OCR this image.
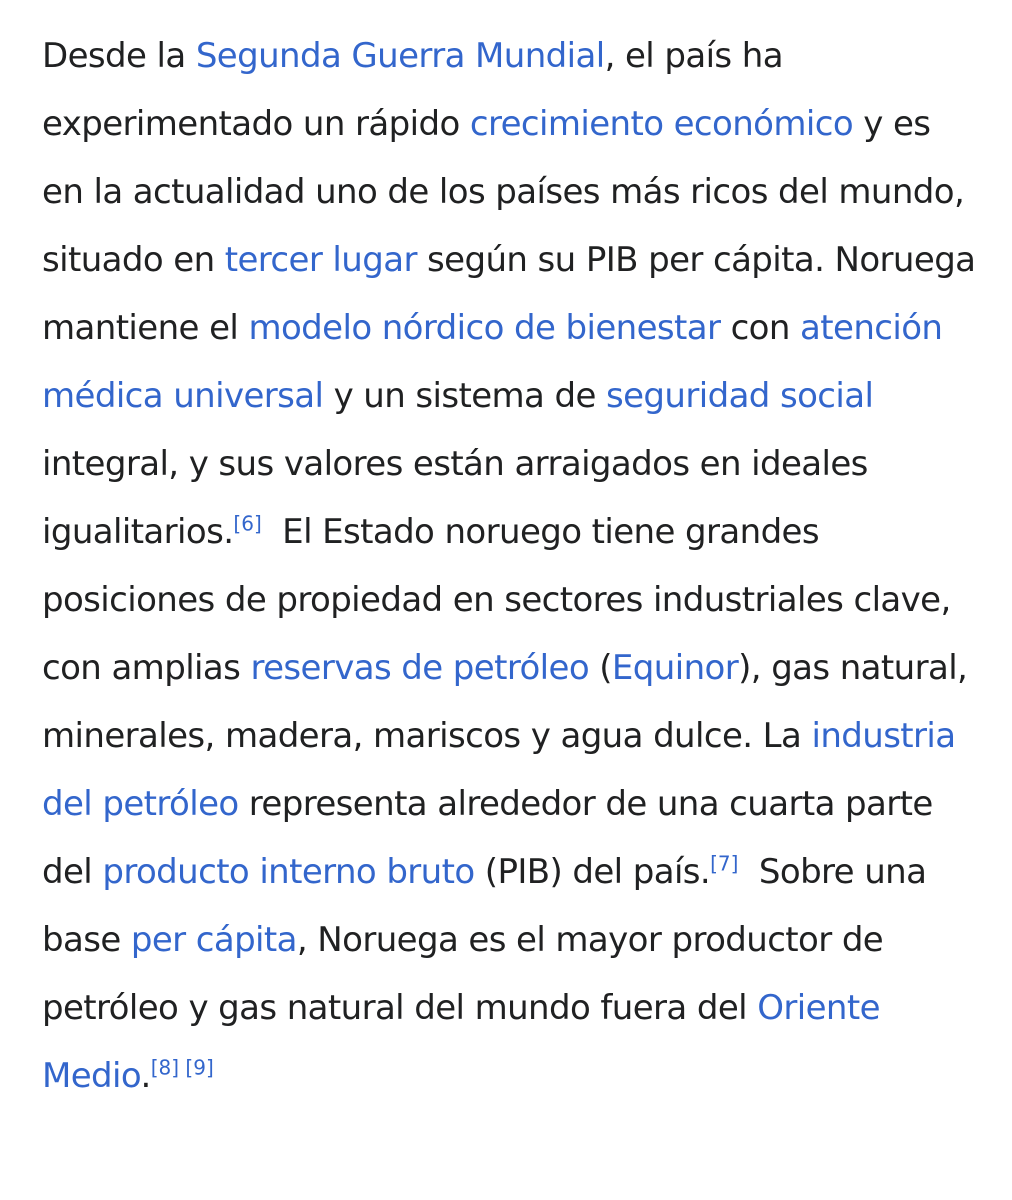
Desde la Segunda Guerra Mundial, el país ha experimentado un rápido crecimiento económico y es en la actualidad uno de los países más ricos del mundo, situado en tercer lugar según su PIB per cápita. Noruega mantiene el modelo nórdico de bienestar con atención médica universal y un sistema de seguridad social integral, y sus valores están arraigados en ideales igualitarios.[6]  El Estado noruego tiene grandes posiciones de propiedad en sectores industriales clave, con amplias reservas de petróleo (Equinor), gas natural, minerales, madera, mariscos y agua dulce. La industria del petróleo representa alrededor de una cuarta parte del producto interno bruto (PIB) del país.[7]  Sobre una base per cápita, Noruega es el mayor productor de petróleo y gas natural del mundo fuera del Oriente Medio.[8] [9]
